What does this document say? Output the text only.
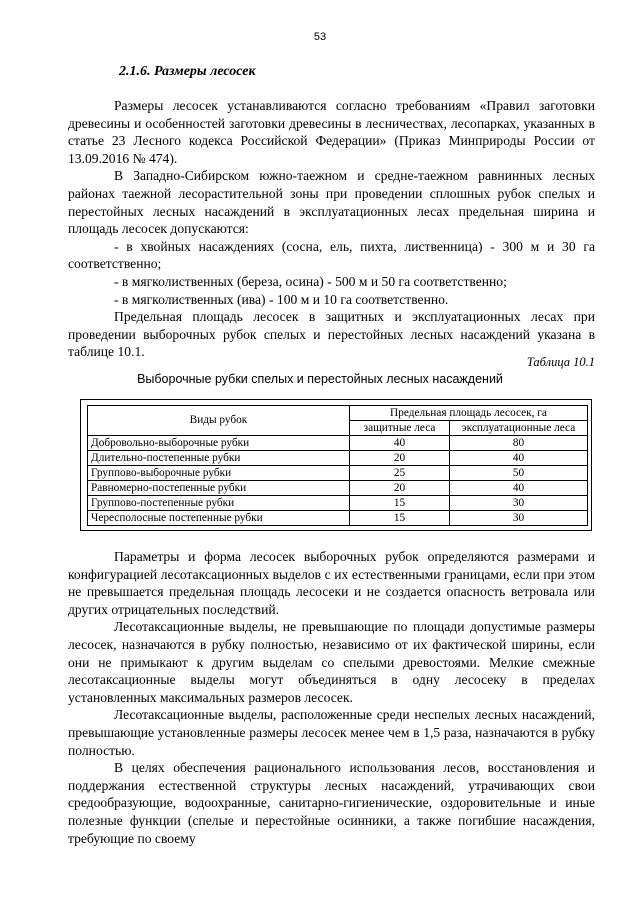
53
2.1.6. Размеры лесосек

Размеры лесосек устанавливаются согласно требованиям «Правил заготовки древесины и особенностей заготовки древесины в лесничествах, лесопарках, указанных в статье 23 Лесного кодекса Российской Федерации» (Приказ Минприроды России от 13.09.2016 № 474).

В Западно-Сибирском южно-таежном и средне-таежном равнинных лесных районах таежной лесорастительной зоны при проведении сплошных рубок спелых и перестойных лесных насаждений в эксплуатационных лесах предельная ширина и площадь лесосек допускаются:

- в хвойных насаждениях (сосна, ель, пихта, лиственница) - 300 м и 30 га соответственно;

- в мягколиственных (береза, осина) - 500 м и 50 га соответственно;

- в мягколиственных (ива) - 100 м и 10 га соответственно.

Предельная площадь лесосек в защитных и эксплуатационных лесах при проведении выборочных рубок спелых и перестойных лесных насаждений указана в таблице 10.1.

Таблица 10.1
Выборочные рубки спелых и перестойных лесных насаждений
Виды рубок	Предельная площадь лесосек, га	
	защитные леса	эксплуатационные леса
Добровольно-выборочные рубки	40	80
Длительно-постепенные рубки	20	40
Группово-выборочные рубки	25	50
Равномерно-постепенные рубки	20	40
Группово-постепенные рубки	15	30
Чересполосные постепенные рубки	15	30

Параметры и форма лесосек выборочных рубок определяются размерами и конфигурацией лесотаксационных выделов с их естественными границами, если при этом не превышается предельная площадь лесосеки и не создается опасность ветровала или других отрицательных последствий.

Лесотаксационные выделы, не превышающие по площади допустимые размеры лесосек, назначаются в рубку полностью, независимо от их фактической ширины, если они не примыкают к другим выделам со спелыми древостоями. Мелкие смежные лесотаксационные выделы могут объединяться в одну лесосеку в пределах установленных максимальных размеров лесосек.

Лесотаксационные выделы, расположенные среди неспелых лесных насаждений, превышающие установленные размеры лесосек менее чем в 1,5 раза, назначаются в рубку полностью.

В целях обеспечения рационального использования лесов, восстановления и поддержания естественной структуры лесных насаждений, утрачивающих свои средообразующие, водоохранные, санитарно-гигиенические, оздоровительные и иные полезные функции (спелые и перестойные осинники, а также погибшие насаждения, требующие по своему
